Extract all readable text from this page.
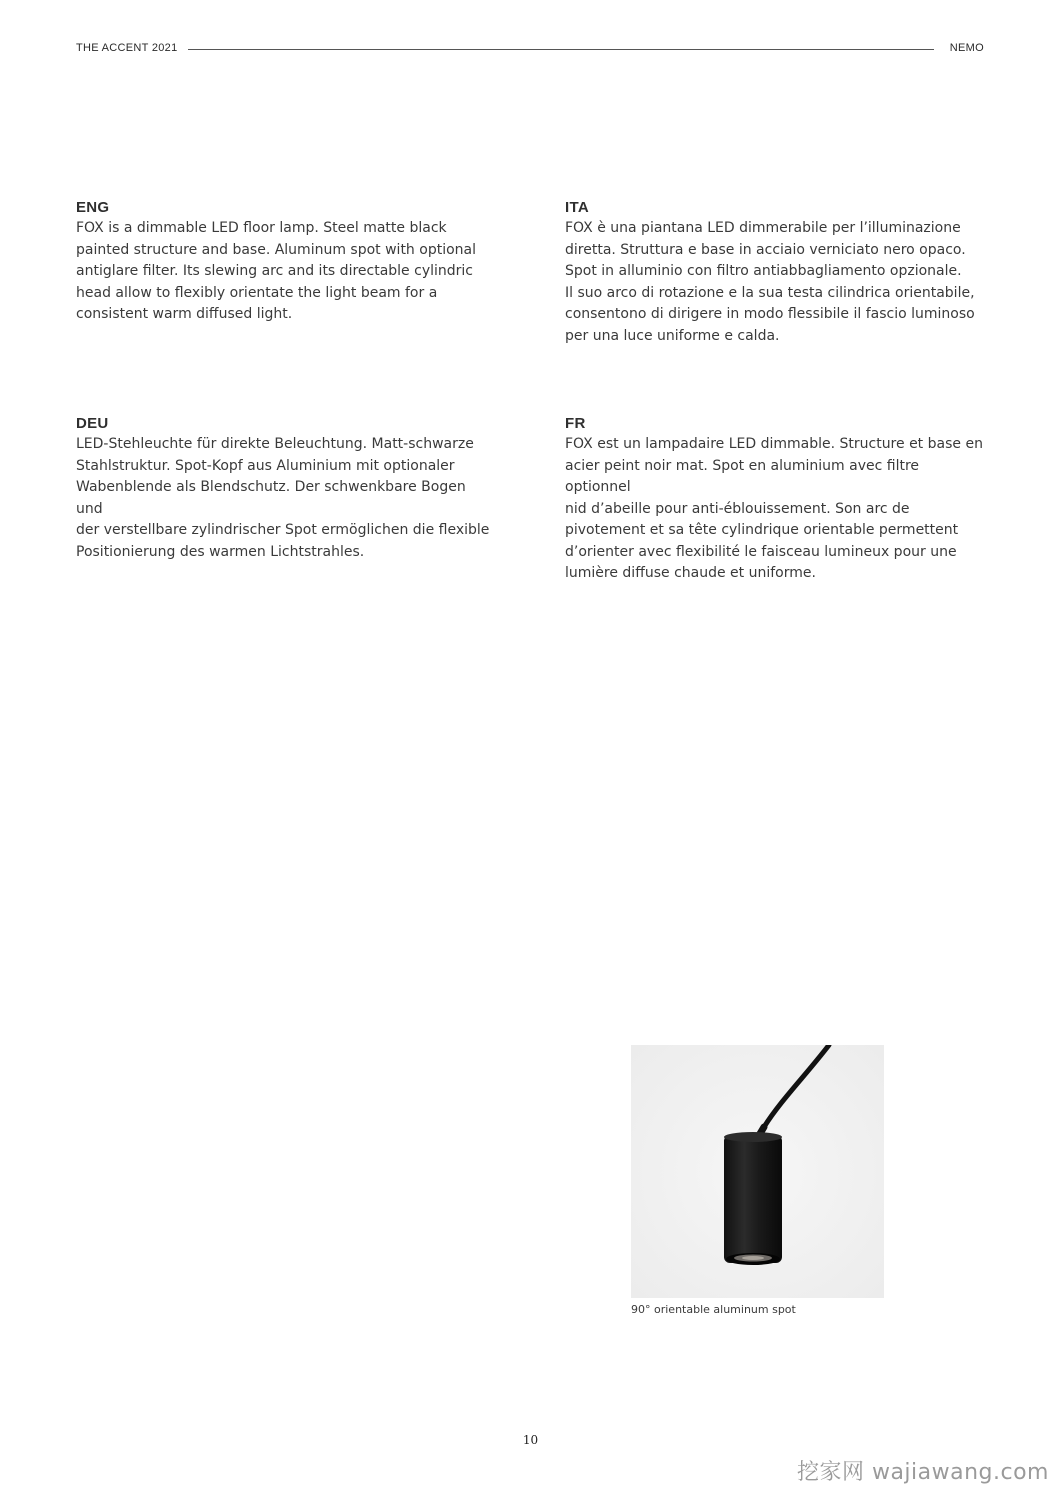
THE ACCENT 2021	NEMO
ENG

FOX is a dimmable LED floor lamp. Steel matte black
painted structure and base. Aluminum spot with optional
antiglare filter. Its slewing arc and its directable cylindric
head allow to flexibly orientate the light beam for a
consistent warm diffused light.

ITA

FOX è una piantana LED dimmerabile per l’illuminazione
diretta. Struttura e base in acciaio verniciato nero opaco.
Spot in alluminio con filtro antiabbagliamento opzionale.
Il suo arco di rotazione e la sua testa cilindrica orientabile,
consentono di dirigere in modo flessibile il fascio luminoso
per una luce uniforme e calda.

DEU

LED-Stehleuchte für direkte Beleuchtung. Matt-schwarze
Stahlstruktur. Spot-Kopf aus Aluminium mit optionaler
Wabenblende als Blendschutz. Der schwenkbare Bogen und
der verstellbare zylindrischer Spot ermöglichen die flexible
Positionierung des warmen Lichtstrahles.

FR

FOX est un lampadaire LED dimmable. Structure et base en
acier peint noir mat. Spot en aluminium avec filtre optionnel
nid d’abeille pour anti-éblouissement. Son arc de
pivotement et sa tête cylindrique orientable permettent
d’orienter avec flexibilité le faisceau lumineux pour une
lumière diffuse chaude et uniforme.

90° orientable aluminum spot
10
挖家网 wajiawang.com
